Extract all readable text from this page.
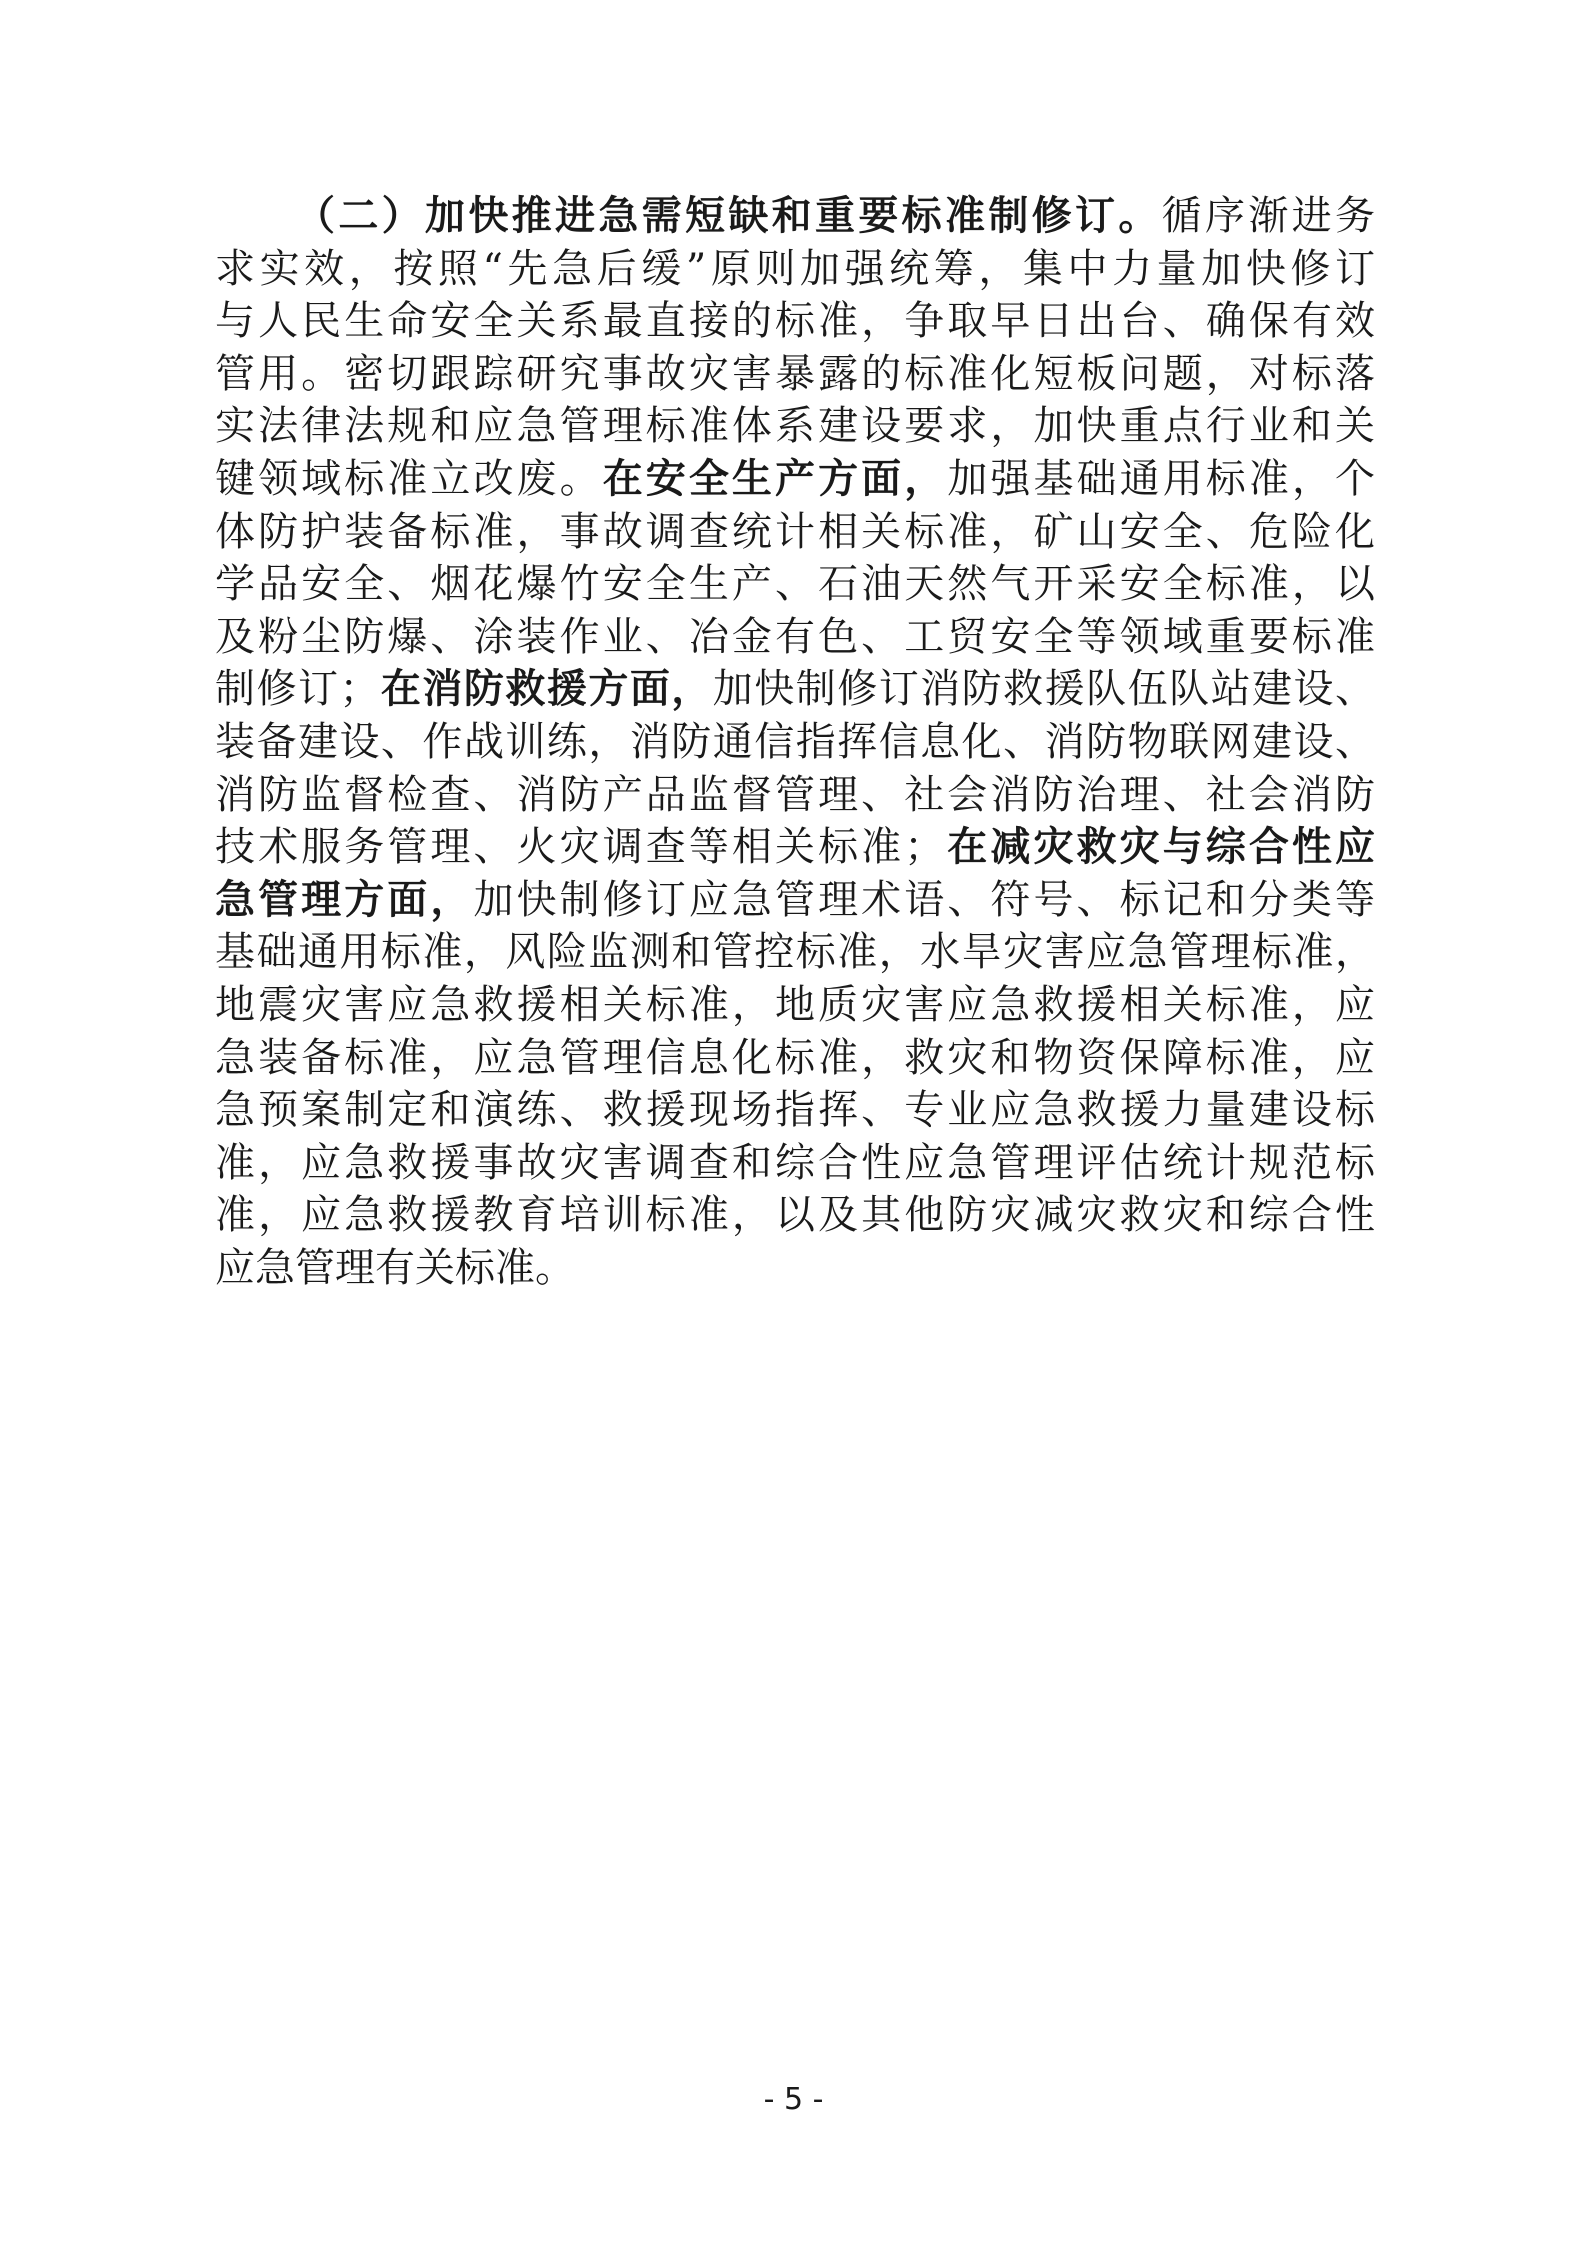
（二）加快推进急需短缺和重要标准制修订。循序渐进务
求实效，按照“先急后缓”原则加强统筹，集中力量加快修订
与人民生命安全关系最直接的标准，争取早日出台、确保有效
管用。密切跟踪研究事故灾害暴露的标准化短板问题，对标落
实法律法规和应急管理标准体系建设要求，加快重点行业和关
键领域标准立改废。在安全生产方面，加强基础通用标准，个
体防护装备标准，事故调查统计相关标准，矿山安全、危险化
学品安全、烟花爆竹安全生产、石油天然气开采安全标准，以
及粉尘防爆、涂装作业、冶金有色、工贸安全等领域重要标准
制修订；在消防救援方面，加快制修订消防救援队伍队站建设、
装备建设、作战训练，消防通信指挥信息化、消防物联网建设、
消防监督检查、消防产品监督管理、社会消防治理、社会消防
技术服务管理、火灾调查等相关标准；在减灾救灾与综合性应
急管理方面，加快制修订应急管理术语、符号、标记和分类等
基础通用标准，风险监测和管控标准，水旱灾害应急管理标准，
地震灾害应急救援相关标准，地质灾害应急救援相关标准，应
急装备标准，应急管理信息化标准，救灾和物资保障标准，应
急预案制定和演练、救援现场指挥、专业应急救援力量建设标
准，应急救援事故灾害调查和综合性应急管理评估统计规范标
准，应急救援教育培训标准，以及其他防灾减灾救灾和综合性
应急管理有关标准。
- 5 -
